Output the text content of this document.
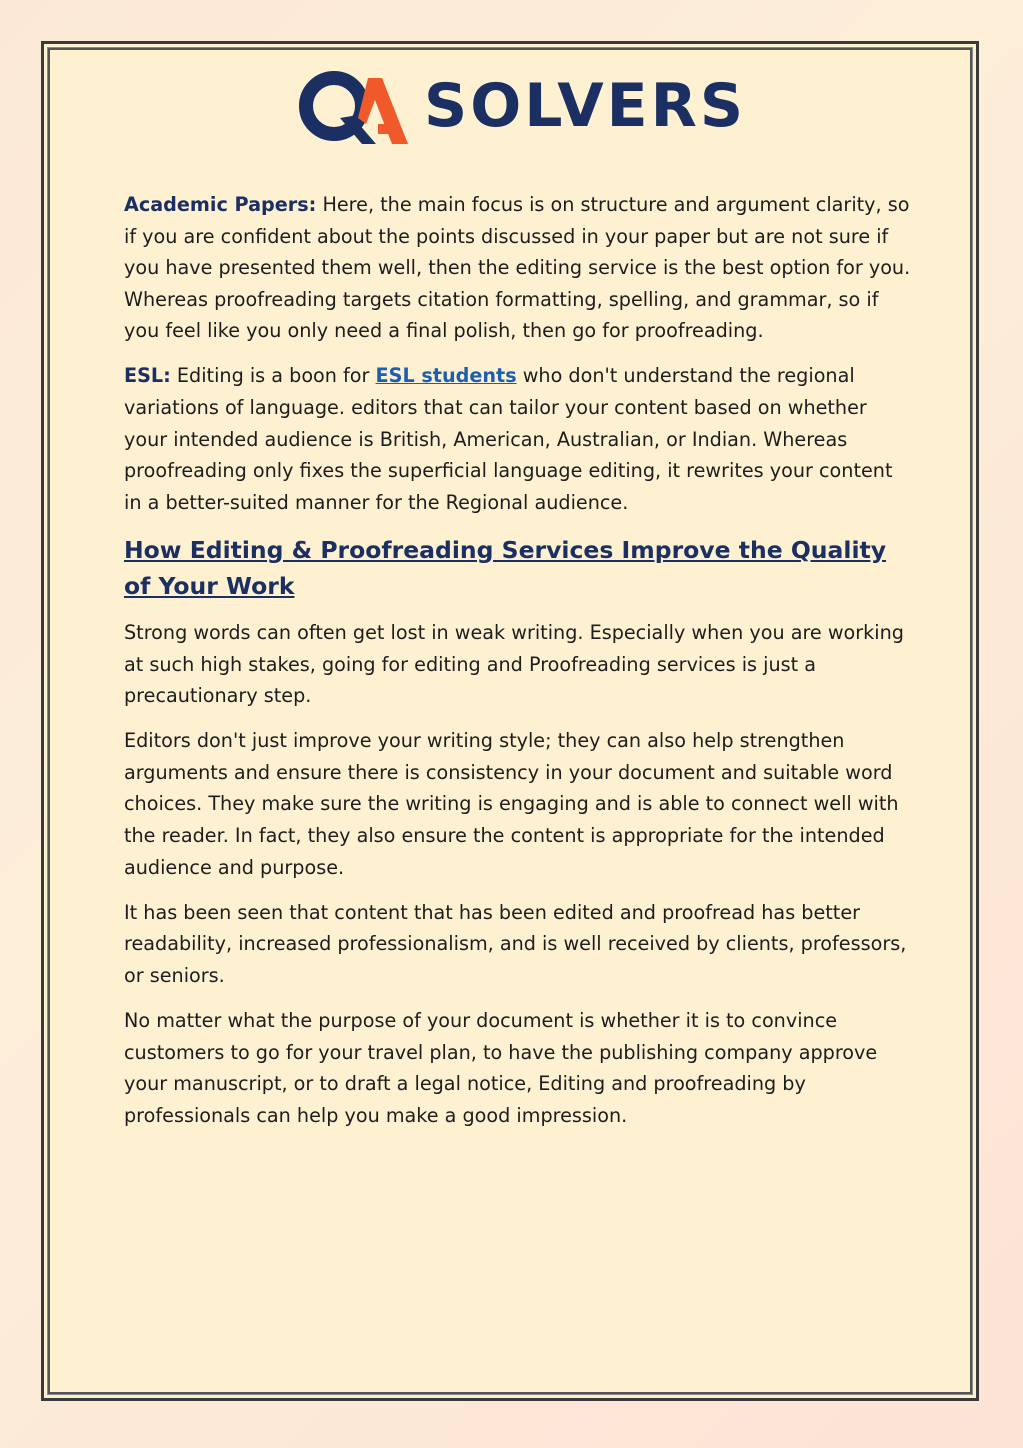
SOLVERS

Academic Papers: Here, the main focus is on structure and argument clarity, so if you are confident about the points discussed in your paper but are not sure if you have presented them well, then the editing service is the best option for you. Whereas proofreading targets citation formatting, spelling, and grammar, so if you feel like you only need a final polish, then go for proofreading.

ESL: Editing is a boon for ESL students who don't understand the regional variations of language. editors that can tailor your content based on whether your intended audience is British, American, Australian, or Indian. Whereas proofreading only fixes the superficial language editing, it rewrites your content in a better-suited manner for the Regional audience.

How Editing & Proofreading Services Improve the Quality of Your Work

Strong words can often get lost in weak writing. Especially when you are working at such high stakes, going for editing and Proofreading services is just a precautionary step.

Editors don't just improve your writing style; they can also help strengthen arguments and ensure there is consistency in your document and suitable word choices. They make sure the writing is engaging and is able to connect well with the reader. In fact, they also ensure the content is appropriate for the intended audience and purpose.

It has been seen that content that has been edited and proofread has better readability, increased professionalism, and is well received by clients, professors, or seniors.

No matter what the purpose of your document is whether it is to convince customers to go for your travel plan, to have the publishing company approve your manuscript, or to draft a legal notice, Editing and proofreading by professionals can help you make a good impression.
